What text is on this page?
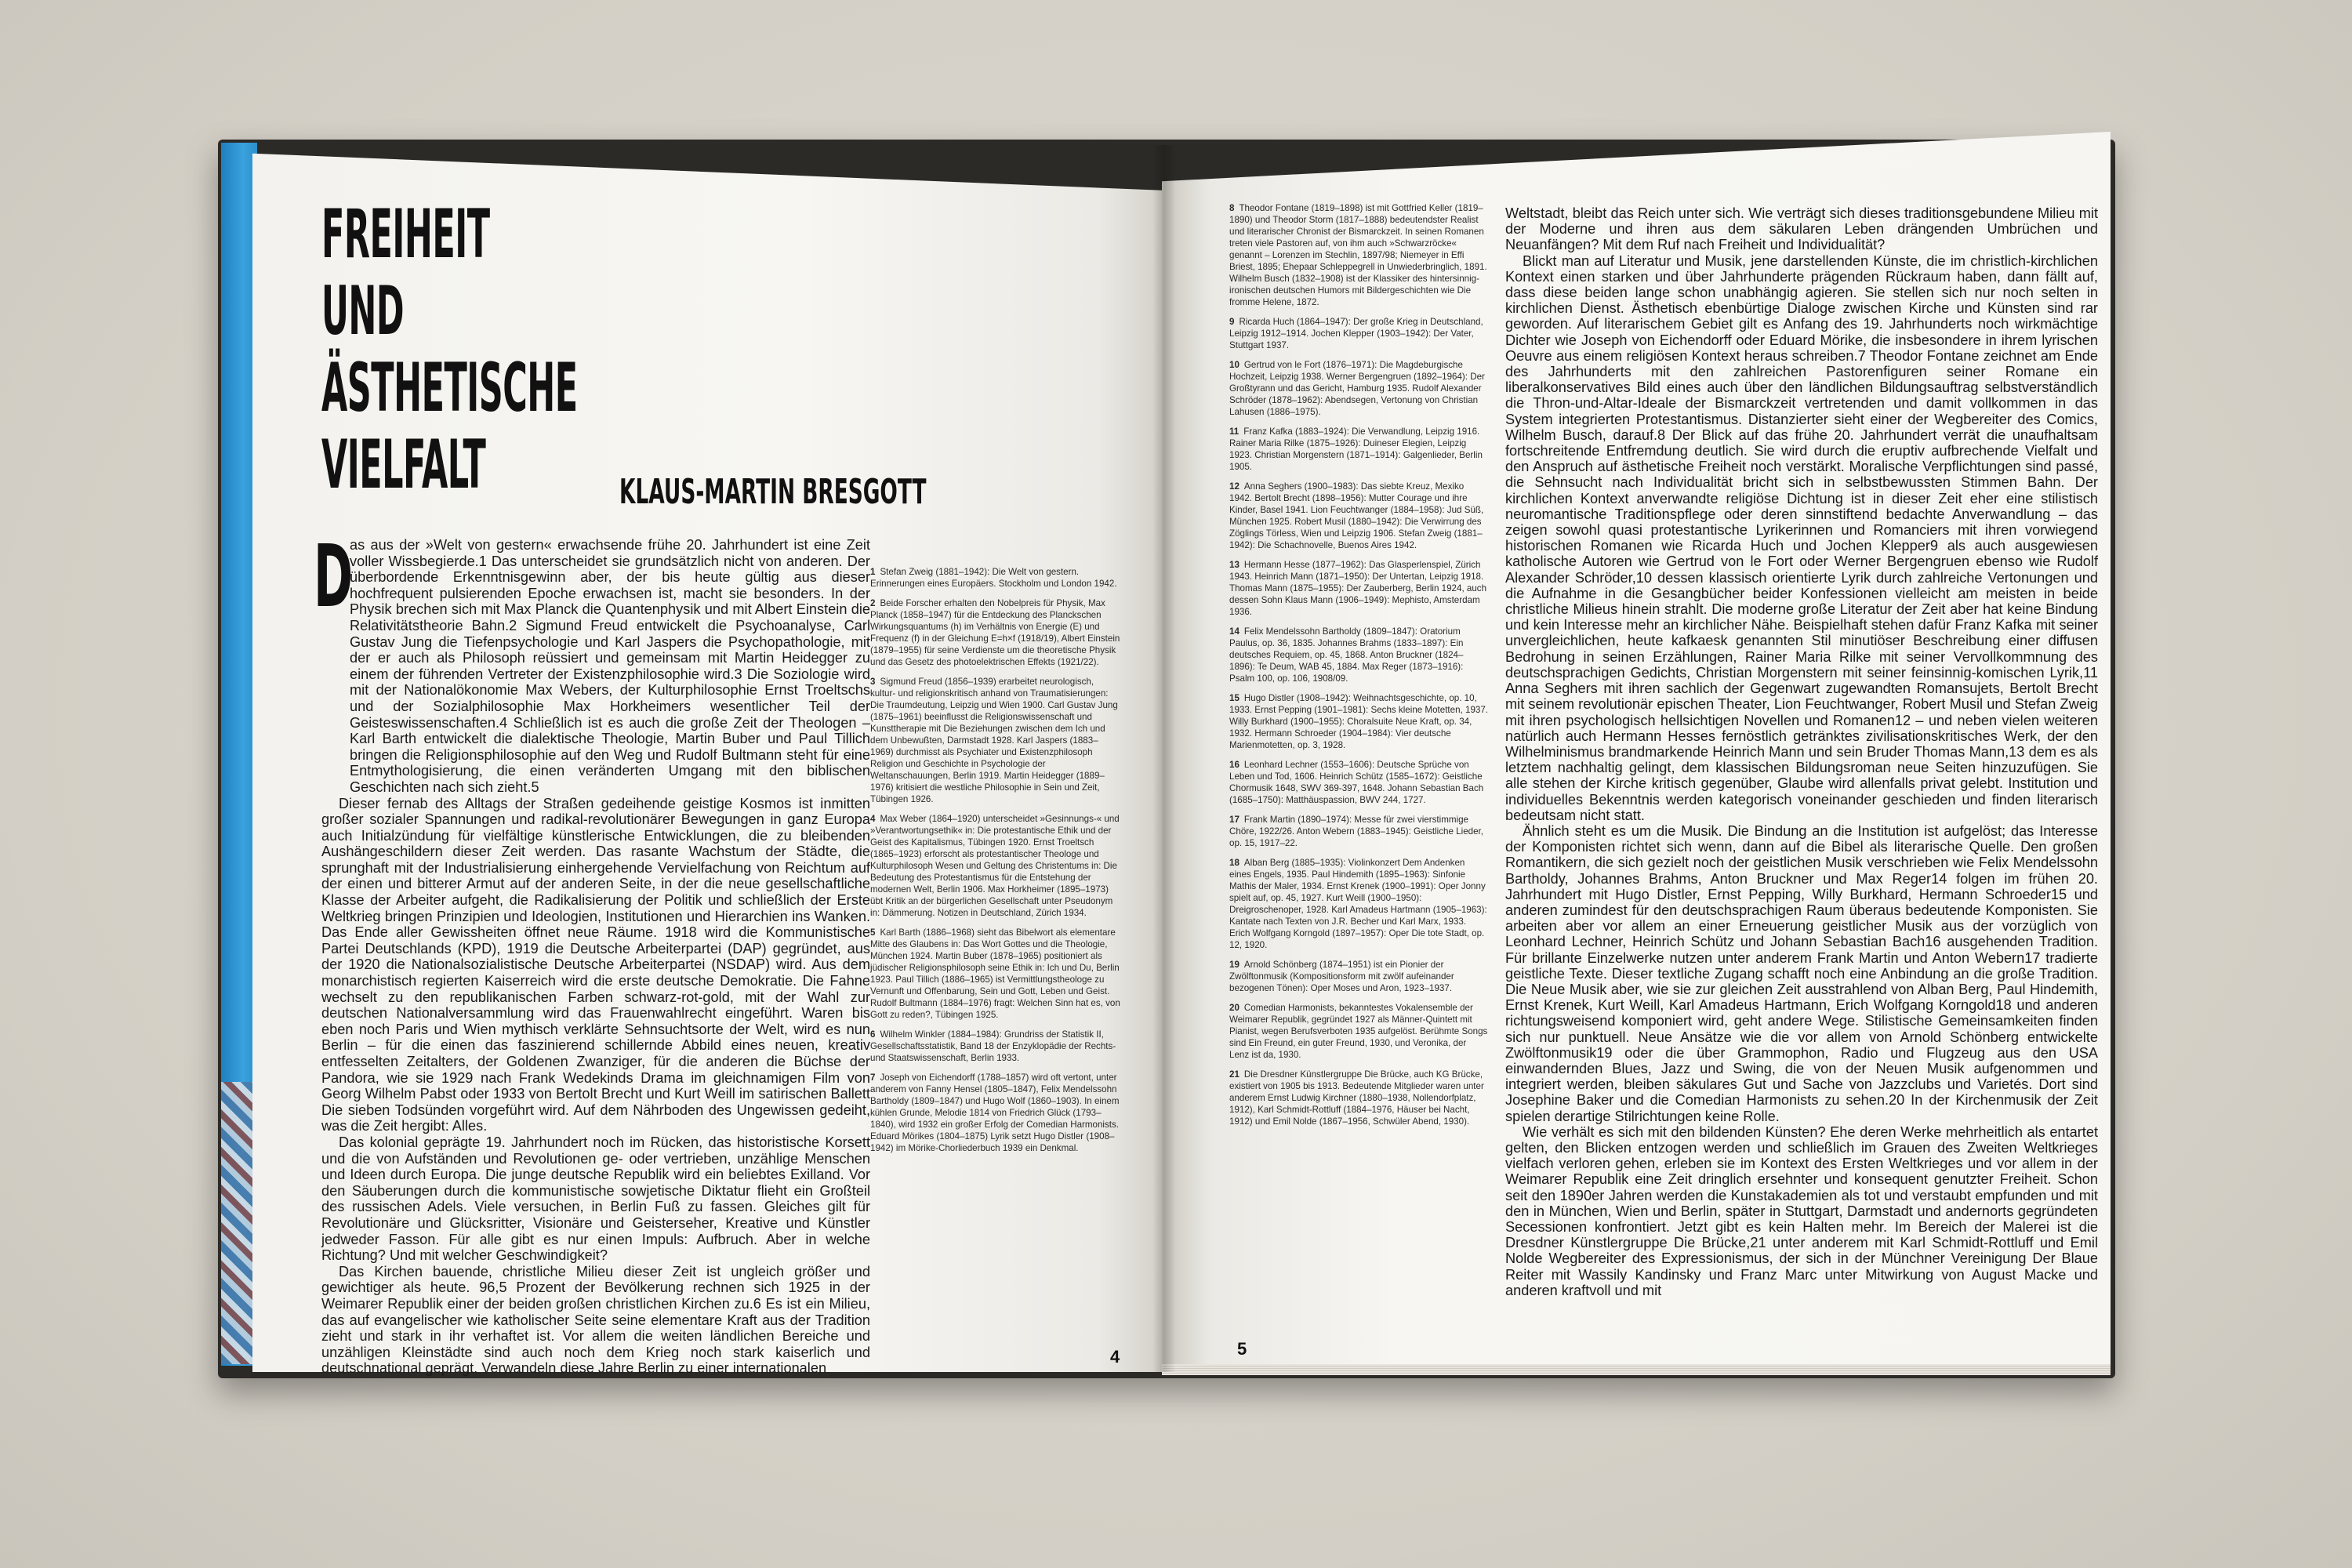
FREIHEIT
UND
ÄSTHETISCHE
VIELFALT	KLAUS-MARTIN BRESGOTT
D

as aus der »Welt von gestern« erwachsende frühe 20. Jahrhundert ist eine Zeit voller Wissbegierde.1 Das unterscheidet sie grundsätzlich nicht von anderen. Der überbordende Erkenntnisgewinn aber, der bis heute gültig aus dieser hochfrequent pulsierenden Epoche erwachsen ist, macht sie besonders. In der Physik brechen sich mit Max Planck die Quantenphysik und mit Albert Einstein die Relativitätstheorie Bahn.2 Sigmund Freud entwickelt die Psychoanalyse, Carl Gustav Jung die Tiefenpsychologie und Karl Jaspers die Psychopathologie, mit der er auch als Philosoph reüssiert und gemeinsam mit Martin Heidegger zu einem der führenden Vertreter der Existenzphilosophie wird.3 Die Soziologie wird mit der Nationalökonomie Max Webers, der Kulturphilosophie Ernst Troeltschs und der Sozialphilosophie Max Horkheimers wesentlicher Teil der Geisteswissenschaften.4 Schließlich ist es auch die große Zeit der Theologen – Karl Barth entwickelt die dialektische Theologie, Martin Buber und Paul Tillich bringen die Religionsphilosophie auf den Weg und Rudolf Bultmann steht für eine Entmythologisierung, die einen veränderten Umgang mit den biblischen Geschichten nach sich zieht.5

Dieser fernab des Alltags der Straßen gedeihende geistige Kosmos ist inmitten großer sozialer Spannungen und radikal-revolutionärer Bewegungen in ganz Europa auch Initialzündung für vielfältige künstlerische Entwicklungen, die zu bleibenden Aushängeschildern dieser Zeit werden. Das rasante Wachstum der Städte, die sprunghaft mit der Industrialisierung einhergehende Vervielfachung von Reichtum auf der einen und bitterer Armut auf der anderen Seite, in der die neue gesellschaftliche Klasse der Arbeiter aufgeht, die Radikalisierung der Politik und schließlich der Erste Weltkrieg bringen Prinzipien und Ideologien, Institutionen und Hierarchien ins Wanken. Das Ende aller Gewissheiten öffnet neue Räume. 1918 wird die Kommunistische Partei Deutschlands (KPD), 1919 die Deutsche Arbeiterpartei (DAP) gegründet, aus der 1920 die Nationalsozialistische Deutsche Arbeiterpartei (NSDAP) wird. Aus dem monarchistisch regierten Kaiserreich wird die erste deutsche Demokratie. Die Fahne wechselt zu den republikanischen Farben schwarz-rot-gold, mit der Wahl zur deutschen Nationalversammlung wird das Frauenwahlrecht eingeführt. Waren bis eben noch Paris und Wien mythisch verklärte Sehnsuchtsorte der Welt, wird es nun Berlin – für die einen das faszinierend schillernde Abbild eines neuen, kreativ entfesselten Zeitalters, der Goldenen Zwanziger, für die anderen die Büchse der Pandora, wie sie 1929 nach Frank Wedekinds Drama im gleichnamigen Film von Georg Wilhelm Pabst oder 1933 von Bertolt Brecht und Kurt Weill im satirischen Ballett Die sieben Todsünden vorgeführt wird. Auf dem Nährboden des Ungewissen gedeiht, was die Zeit hergibt: Alles.

Das kolonial geprägte 19. Jahrhundert noch im Rücken, das historistische Korsett und die von Aufständen und Revolutionen ge- oder vertrieben, unzählige Menschen und Ideen durch Europa. Die junge deutsche Republik wird ein beliebtes Exilland. Vor den Säuberungen durch die kommunistische sowjetische Diktatur flieht ein Großteil des russischen Adels. Viele versuchen, in Berlin Fuß zu fassen. Gleiches gilt für Revolutionäre und Glücksritter, Visionäre und Geisterseher, Kreative und Künstler jedweder Fasson. Für alle gibt es nur einen Impuls: Aufbruch. Aber in welche Richtung? Und mit welcher Geschwindigkeit?

Das Kirchen bauende, christliche Milieu dieser Zeit ist ungleich größer und gewichtiger als heute. 96,5 Prozent der Bevölkerung rechnen sich 1925 in der Weimarer Republik einer der beiden großen christlichen Kirchen zu.6 Es ist ein Milieu, das auf evangelischer wie katholischer Seite seine elementare Kraft aus der Tradition zieht und stark in ihr verhaftet ist. Vor allem die weiten ländlichen Bereiche und unzähligen Kleinstädte sind auch noch dem Krieg noch stark kaiserlich und deutschnational geprägt. Verwandeln diese Jahre Berlin zu einer internationalen

1 Stefan Zweig (1881–1942): Die Welt von gestern. Erinnerungen eines Europäers. Stockholm und London 1942.

2 Beide Forscher erhalten den Nobelpreis für Physik, Max Planck (1858–1947) für die Entdeckung des Planckschen Wirkungsquantums (h) im Verhältnis von Energie (E) und Frequenz (f) in der Gleichung E=h×f (1918/19), Albert Einstein (1879–1955) für seine Verdienste um die theoretische Physik und das Gesetz des photoelektrischen Effekts (1921/22).

3 Sigmund Freud (1856–1939) erarbeitet neurologisch, kultur- und religionskritisch anhand von Traumatisierungen: Die Traumdeutung, Leipzig und Wien 1900. Carl Gustav Jung (1875–1961) beeinflusst die Religionswissenschaft und Kunsttherapie mit Die Beziehungen zwischen dem Ich und dem Unbewußten, Darmstadt 1928. Karl Jaspers (1883–1969) durchmisst als Psychiater und Existenzphilosoph Religion und Geschichte in Psychologie der Weltanschauungen, Berlin 1919. Martin Heidegger (1889–1976) kritisiert die westliche Philosophie in Sein und Zeit, Tübingen 1926.

4 Max Weber (1864–1920) unterscheidet »Gesinnungs-« und »Verantwortungsethik« in: Die protestantische Ethik und der Geist des Kapitalismus, Tübingen 1920. Ernst Troeltsch (1865–1923) erforscht als protestantischer Theologe und Kulturphilosoph Wesen und Geltung des Christentums in: Die Bedeutung des Protestantismus für die Entstehung der modernen Welt, Berlin 1906. Max Horkheimer (1895–1973) übt Kritik an der bürgerlichen Gesellschaft unter Pseudonym in: Dämmerung. Notizen in Deutschland, Zürich 1934.

5 Karl Barth (1886–1968) sieht das Bibelwort als elementare Mitte des Glaubens in: Das Wort Gottes und die Theologie, München 1924. Martin Buber (1878–1965) positioniert als jüdischer Religionsphilosoph seine Ethik in: Ich und Du, Berlin 1923. Paul Tillich (1886–1965) ist Vermittlungstheologe zu Vernunft und Offenbarung, Sein und Gott, Leben und Geist. Rudolf Bultmann (1884–1976) fragt: Welchen Sinn hat es, von Gott zu reden?, Tübingen 1925.

6 Wilhelm Winkler (1884–1984): Grundriss der Statistik II, Gesellschaftsstatistik, Band 18 der Enzyklopädie der Rechts- und Staatswissenschaft, Berlin 1933.

7 Joseph von Eichendorff (1788–1857) wird oft vertont, unter anderem von Fanny Hensel (1805–1847), Felix Mendelssohn Bartholdy (1809–1847) und Hugo Wolf (1860–1903). In einem kühlen Grunde, Melodie 1814 von Friedrich Glück (1793–1840), wird 1932 ein großer Erfolg der Comedian Harmonists. Eduard Mörikes (1804–1875) Lyrik setzt Hugo Distler (1908–1942) im Mörike-Chorliederbuch 1939 ein Denkmal.

4

8 Theodor Fontane (1819–1898) ist mit Gottfried Keller (1819–1890) und Theodor Storm (1817–1888) bedeutendster Realist und literarischer Chronist der Bismarckzeit. In seinen Romanen treten viele Pastoren auf, von ihm auch »Schwarzröcke« genannt – Lorenzen im Stechlin, 1897/98; Niemeyer in Effi Briest, 1895; Ehepaar Schleppegrell in Unwiederbringlich, 1891. Wilhelm Busch (1832–1908) ist der Klassiker des hintersinnig-ironischen deutschen Humors mit Bildergeschichten wie Die fromme Helene, 1872.

9 Ricarda Huch (1864–1947): Der große Krieg in Deutschland, Leipzig 1912–1914. Jochen Klepper (1903–1942): Der Vater, Stuttgart 1937.

10 Gertrud von le Fort (1876–1971): Die Magdeburgische Hochzeit, Leipzig 1938. Werner Bergengruen (1892–1964): Der Großtyrann und das Gericht, Hamburg 1935. Rudolf Alexander Schröder (1878–1962): Abendsegen, Vertonung von Christian Lahusen (1886–1975).

11 Franz Kafka (1883–1924): Die Verwandlung, Leipzig 1916. Rainer Maria Rilke (1875–1926): Duineser Elegien, Leipzig 1923. Christian Morgenstern (1871–1914): Galgenlieder, Berlin 1905.

12 Anna Seghers (1900–1983): Das siebte Kreuz, Mexiko 1942. Bertolt Brecht (1898–1956): Mutter Courage und ihre Kinder, Basel 1941. Lion Feuchtwanger (1884–1958): Jud Süß, München 1925. Robert Musil (1880–1942): Die Verwirrung des Zöglings Törless, Wien und Leipzig 1906. Stefan Zweig (1881–1942): Die Schachnovelle, Buenos Aires 1942.

13 Hermann Hesse (1877–1962): Das Glasperlenspiel, Zürich 1943. Heinrich Mann (1871–1950): Der Untertan, Leipzig 1918. Thomas Mann (1875–1955): Der Zauberberg, Berlin 1924, auch dessen Sohn Klaus Mann (1906–1949): Mephisto, Amsterdam 1936.

14 Felix Mendelssohn Bartholdy (1809–1847): Oratorium Paulus, op. 36, 1835. Johannes Brahms (1833–1897): Ein deutsches Requiem, op. 45, 1868. Anton Bruckner (1824–1896): Te Deum, WAB 45, 1884. Max Reger (1873–1916): Psalm 100, op. 106, 1908/09.

15 Hugo Distler (1908–1942): Weihnachtsgeschichte, op. 10, 1933. Ernst Pepping (1901–1981): Sechs kleine Motetten, 1937. Willy Burkhard (1900–1955): Choralsuite Neue Kraft, op. 34, 1932. Hermann Schroeder (1904–1984): Vier deutsche Marienmotetten, op. 3, 1928.

16 Leonhard Lechner (1553–1606): Deutsche Sprüche von Leben und Tod, 1606. Heinrich Schütz (1585–1672): Geistliche Chormusik 1648, SWV 369-397, 1648. Johann Sebastian Bach (1685–1750): Matthäuspassion, BWV 244, 1727.

17 Frank Martin (1890–1974): Messe für zwei vierstimmige Chöre, 1922/26. Anton Webern (1883–1945): Geistliche Lieder, op. 15, 1917–22.

18 Alban Berg (1885–1935): Violinkonzert Dem Andenken eines Engels, 1935. Paul Hindemith (1895–1963): Sinfonie Mathis der Maler, 1934. Ernst Krenek (1900–1991): Oper Jonny spielt auf, op. 45, 1927. Kurt Weill (1900–1950): Dreigroschenoper, 1928. Karl Amadeus Hartmann (1905–1963): Kantate nach Texten von J.R. Becher und Karl Marx, 1933. Erich Wolfgang Korngold (1897–1957): Oper Die tote Stadt, op. 12, 1920.

19 Arnold Schönberg (1874–1951) ist ein Pionier der Zwölftonmusik (Kompositionsform mit zwölf aufeinander bezogenen Tönen): Oper Moses und Aron, 1923–1937.

20 Comedian Harmonists, bekanntestes Vokalensemble der Weimarer Republik, gegründet 1927 als Männer-Quintett mit Pianist, wegen Berufsverboten 1935 aufgelöst. Berühmte Songs sind Ein Freund, ein guter Freund, 1930, und Veronika, der Lenz ist da, 1930.

21 Die Dresdner Künstlergruppe Die Brücke, auch KG Brücke, existiert von 1905 bis 1913. Bedeutende Mitglieder waren unter anderem Ernst Ludwig Kirchner (1880–1938, Nollendorfplatz, 1912), Karl Schmidt-Rottluff (1884–1976, Häuser bei Nacht, 1912) und Emil Nolde (1867–1956, Schwüler Abend, 1930).

Weltstadt, bleibt das Reich unter sich. Wie verträgt sich dieses traditionsgebundene Milieu mit der Moderne und ihren aus dem säkularen Leben drängenden Umbrüchen und Neuanfängen? Mit dem Ruf nach Freiheit und Individualität?

Blickt man auf Literatur und Musik, jene darstellenden Künste, die im christlich-kirchlichen Kontext einen starken und über Jahrhunderte prägenden Rückraum haben, dann fällt auf, dass diese beiden lange schon unabhängig agieren. Sie stellen sich nur noch selten in kirchlichen Dienst. Ästhetisch ebenbürtige Dialoge zwischen Kirche und Künsten sind rar geworden. Auf literarischem Gebiet gilt es Anfang des 19. Jahrhunderts noch wirkmächtige Dichter wie Joseph von Eichendorff oder Eduard Mörike, die insbesondere in ihrem lyrischen Oeuvre aus einem religiösen Kontext heraus schreiben.7 Theodor Fontane zeichnet am Ende des Jahrhunderts mit den zahlreichen Pastorenfiguren seiner Romane ein liberalkonservatives Bild eines auch über den ländlichen Bildungsauftrag selbstverständlich die Thron-und-Altar-Ideale der Bismarckzeit vertretenden und damit vollkommen in das System integrierten Protestantismus. Distanzierter sieht einer der Wegbereiter des Comics, Wilhelm Busch, darauf.8 Der Blick auf das frühe 20. Jahrhundert verrät die unaufhaltsam fortschreitende Entfremdung deutlich. Sie wird durch die eruptiv aufbrechende Vielfalt und den Anspruch auf ästhetische Freiheit noch verstärkt. Moralische Verpflichtungen sind passé, die Sehnsucht nach Individualität bricht sich in selbstbewussten Stimmen Bahn. Der kirchlichen Kontext anverwandte religiöse Dichtung ist in dieser Zeit eher eine stilistisch neuromantische Traditionspflege oder deren sinnstiftend bedachte Anverwandlung – das zeigen sowohl quasi protestantische Lyrikerinnen und Romanciers mit ihren vorwiegend historischen Romanen wie Ricarda Huch und Jochen Klepper9 als auch ausgewiesen katholische Autoren wie Gertrud von le Fort oder Werner Bergengruen ebenso wie Rudolf Alexander Schröder,10 dessen klassisch orientierte Lyrik durch zahlreiche Vertonungen und die Aufnahme in die Gesangbücher beider Konfessionen vielleicht am meisten in beide christliche Milieus hinein strahlt. Die moderne große Literatur der Zeit aber hat keine Bindung und kein Interesse mehr an kirchlicher Nähe. Beispielhaft stehen dafür Franz Kafka mit seiner unvergleichlichen, heute kafkaesk genannten Stil minutiöser Beschreibung einer diffusen Bedrohung in seinen Erzählungen, Rainer Maria Rilke mit seiner Vervollkommnung des deutschsprachigen Gedichts, Christian Morgenstern mit seiner feinsinnig-komischen Lyrik,11 Anna Seghers mit ihren sachlich der Gegenwart zugewandten Romansujets, Bertolt Brecht mit seinem revolutionär epischen Theater, Lion Feuchtwanger, Robert Musil und Stefan Zweig mit ihren psychologisch hellsichtigen Novellen und Romanen12 – und neben vielen weiteren natürlich auch Hermann Hesses fernöstlich getränktes zivilisationskritisches Werk, der den Wilhelminismus brandmarkende Heinrich Mann und sein Bruder Thomas Mann,13 dem es als letztem nachhaltig gelingt, dem klassischen Bildungsroman neue Seiten hinzuzufügen. Sie alle stehen der Kirche kritisch gegenüber, Glaube wird allenfalls privat gelebt. Institution und individuelles Bekenntnis werden kategorisch voneinander geschieden und finden literarisch bedeutsam nicht statt.

Ähnlich steht es um die Musik. Die Bindung an die Institution ist aufgelöst; das Interesse der Komponisten richtet sich wenn, dann auf die Bibel als literarische Quelle. Den großen Romantikern, die sich gezielt noch der geistlichen Musik verschrieben wie Felix Mendelssohn Bartholdy, Johannes Brahms, Anton Bruckner und Max Reger14 folgen im frühen 20. Jahrhundert mit Hugo Distler, Ernst Pepping, Willy Burkhard, Hermann Schroeder15 und anderen zumindest für den deutschsprachigen Raum überaus bedeutende Komponisten. Sie arbeiten aber vor allem an einer Erneuerung geistlicher Musik aus der vorzüglich von Leonhard Lechner, Heinrich Schütz und Johann Sebastian Bach16 ausgehenden Tradition. Für brillante Einzelwerke nutzen unter anderem Frank Martin und Anton Webern17 tradierte geistliche Texte. Dieser textliche Zugang schafft noch eine Anbindung an die große Tradition. Die Neue Musik aber, wie sie zur gleichen Zeit ausstrahlend von Alban Berg, Paul Hindemith, Ernst Krenek, Kurt Weill, Karl Amadeus Hartmann, Erich Wolfgang Korngold18 und anderen richtungsweisend komponiert wird, geht andere Wege. Stilistische Gemeinsamkeiten finden sich nur punktuell. Neue Ansätze wie die vor allem von Arnold Schönberg entwickelte Zwölftonmusik19 oder die über Grammophon, Radio und Flugzeug aus den USA einwandernden Blues, Jazz und Swing, die von der Neuen Musik aufgenommen und integriert werden, bleiben säkulares Gut und Sache von Jazzclubs und Varietés. Dort sind Josephine Baker und die Comedian Harmonists zu sehen.20 In der Kirchenmusik der Zeit spielen derartige Stilrichtungen keine Rolle.

Wie verhält es sich mit den bildenden Künsten? Ehe deren Werke mehrheitlich als entartet gelten, den Blicken entzogen werden und schließlich im Grauen des Zweiten Weltkrieges vielfach verloren gehen, erleben sie im Kontext des Ersten Weltkrieges und vor allem in der Weimarer Republik eine Zeit dringlich ersehnter und konsequent genutzter Freiheit. Schon seit den 1890er Jahren werden die Kunstakademien als tot und verstaubt empfunden und mit den in München, Wien und Berlin, später in Stuttgart, Darmstadt und andernorts gegründeten Secessionen konfrontiert. Jetzt gibt es kein Halten mehr. Im Bereich der Malerei ist die Dresdner Künstlergruppe Die Brücke,21 unter anderem mit Karl Schmidt-Rottluff und Emil Nolde Wegbereiter des Expressionismus, der sich in der Münchner Vereinigung Der Blaue Reiter mit Wassily Kandinsky und Franz Marc unter Mitwirkung von August Macke und anderen kraftvoll und mit

5
